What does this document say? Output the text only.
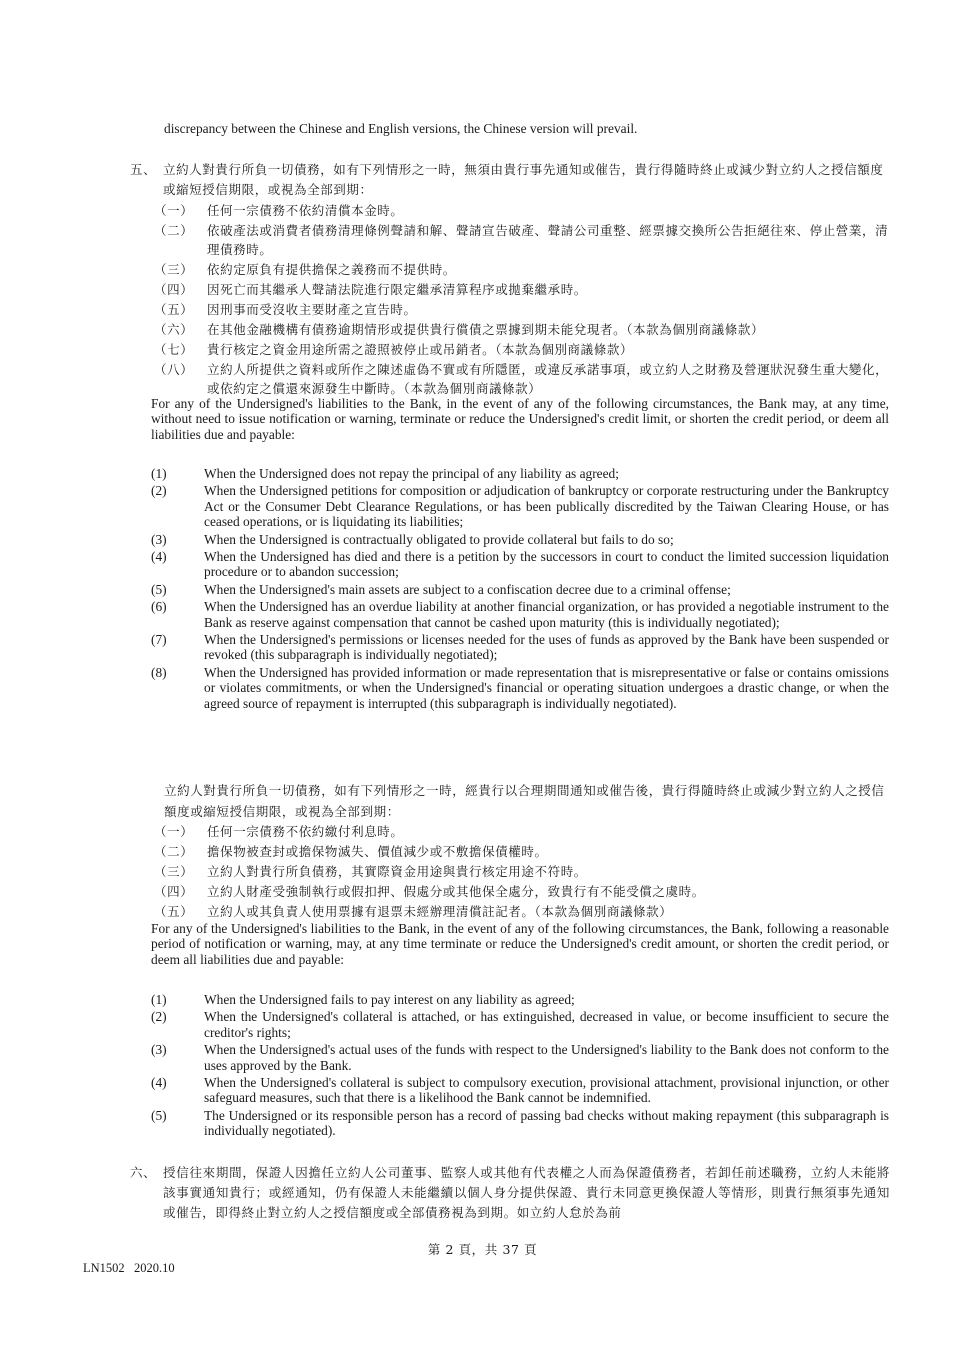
discrepancy between the Chinese and English versions, the Chinese version will prevail.
五、 立約人對貴行所負一切債務，如有下列情形之一時，無須由貴行事先通知或催告，貴行得隨時終止或減少對立約人之授信額度或縮短授信期限，或視為全部到期：
（一）	任何一宗債務不依約清償本金時。
（二）	依破產法或消費者債務清理條例聲請和解、聲請宣告破產、聲請公司重整、經票據交換所公告拒絕往來、停止營業，清理債務時。
（三）	依約定原負有提供擔保之義務而不提供時。
（四）	因死亡而其繼承人聲請法院進行限定繼承清算程序或拋棄繼承時。
（五）	因刑事而受沒收主要財產之宣告時。
（六）	在其他金融機構有債務逾期情形或提供貴行償債之票據到期未能兌現者。（本款為個別商議條款）
（七）	貴行核定之資金用途所需之證照被停止或吊銷者。（本款為個別商議條款）
（八）	立約人所提供之資料或所作之陳述虛偽不實或有所隱匿，或違反承諾事項，或立約人之財務及營運狀況發生重大變化，或依約定之償還來源發生中斷時。（本款為個別商議條款）
For any of the Undersigned's liabilities to the Bank, in the event of any of the following circumstances, the Bank may, at any time, without need to issue notification or warning, terminate or reduce the Undersigned's credit limit, or shorten the credit period, or deem all liabilities due and payable:
(1)	When the Undersigned does not repay the principal of any liability as agreed;
(2)	When the Undersigned petitions for composition or adjudication of bankruptcy or corporate restructuring under the Bankruptcy Act or the Consumer Debt Clearance Regulations, or has been publically discredited by the Taiwan Clearing House, or has ceased operations, or is liquidating its liabilities;
(3)	When the Undersigned is contractually obligated to provide collateral but fails to do so;
(4)	When the Undersigned has died and there is a petition by the successors in court to conduct the limited succession liquidation procedure or to abandon succession;
(5)	When the Undersigned's main assets are subject to a confiscation decree due to a criminal offense;
(6)	When the Undersigned has an overdue liability at another financial organization, or has provided a negotiable instrument to the Bank as reserve against compensation that cannot be cashed upon maturity (this is individually negotiated);
(7)	When the Undersigned's permissions or licenses needed for the uses of funds as approved by the Bank have been suspended or revoked (this subparagraph is individually negotiated);
(8)	When the Undersigned has provided information or made representation that is misrepresentative or false or contains omissions or violates commitments, or when the Undersigned's financial or operating situation undergoes a drastic change, or when the agreed source of repayment is interrupted (this subparagraph is individually negotiated).
立約人對貴行所負一切債務，如有下列情形之一時，經貴行以合理期間通知或催告後，貴行得隨時終止或減少對立約人之授信額度或縮短授信期限，或視為全部到期：
（一）	任何一宗債務不依約繳付利息時。
（二）	擔保物被查封或擔保物滅失、價值減少或不敷擔保債權時。
（三）	立約人對貴行所負債務，其實際資金用途與貴行核定用途不符時。
（四）	立約人財產受強制執行或假扣押、假處分或其他保全處分，致貴行有不能受償之虞時。
（五）	立約人或其負責人使用票據有退票未經辦理清償註記者。（本款為個別商議條款）
For any of the Undersigned's liabilities to the Bank, in the event of any of the following circumstances, the Bank, following a reasonable period of notification or warning, may, at any time terminate or reduce the Undersigned's credit amount, or shorten the credit period, or deem all liabilities due and payable:
(1)	When the Undersigned fails to pay interest on any liability as agreed;
(2)	When the Undersigned's collateral is attached, or has extinguished, decreased in value, or become insufficient to secure the creditor's rights;
(3)	When the Undersigned's actual uses of the funds with respect to the Undersigned's liability to the Bank does not conform to the uses approved by the Bank.
(4)	When the Undersigned's collateral is subject to compulsory execution, provisional attachment, provisional injunction, or other safeguard measures, such that there is a likelihood the Bank cannot be indemnified.
(5)	The Undersigned or its responsible person has a record of passing bad checks without making repayment (this subparagraph is individually negotiated).
六、 授信往來期間，保證人因擔任立約人公司董事、監察人或其他有代表權之人而為保證債務者，若卸任前述職務，立約人未能將該事實通知貴行；或經通知，仍有保證人未能繼續以個人身分提供保證、貴行未同意更換保證人等情形，則貴行無須事先通知或催告，即得終止對立約人之授信額度或全部債務視為到期。如立約人怠於為前
第 2 頁，共 37 頁
LN1502   2020.10
